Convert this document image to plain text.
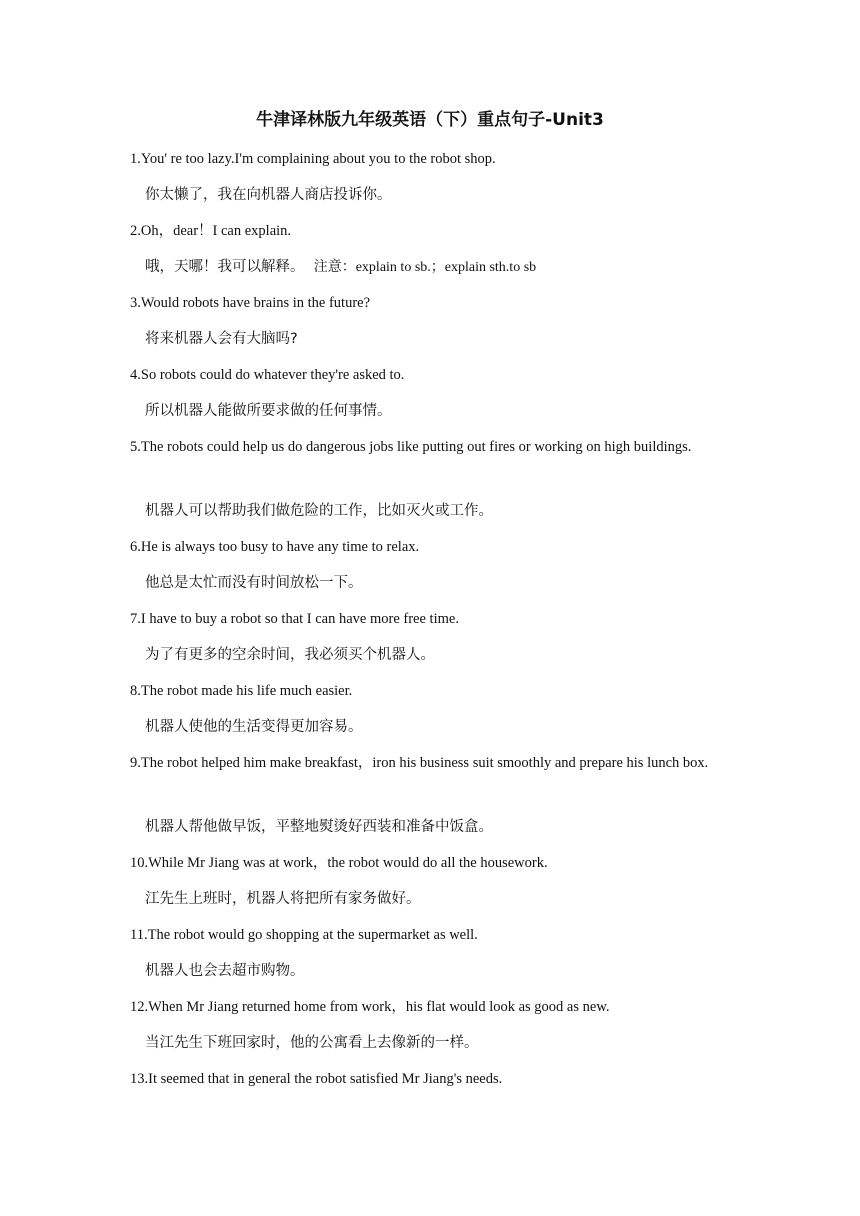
牛津译林版九年级英语（下）重点句子-Unit3
1.You' re too lazy.I'm complaining about you to the robot shop.
你太懒了，我在向机器人商店投诉你。
2.Oh，dear！I can explain.
哦，天哪！我可以解释。 注意：explain to sb.；explain sth.to sb
3.Would robots have brains in the future?
将来机器人会有大脑吗?
4.So robots could do whatever they're asked to.
所以机器人能做所要求做的任何事情。
5.The robots could help us do dangerous jobs like putting out fires or working on high buildings.
机器人可以帮助我们做危险的工作，比如灭火或工作。
6.He is always too busy to have any time to relax.
他总是太忙而没有时间放松一下。
7.I have to buy a robot so that I can have more free time.
为了有更多的空余时间，我必须买个机器人。
8.The robot made his life much easier.
机器人使他的生活变得更加容易。
9.The robot helped him make breakfast，iron his business suit smoothly and prepare his lunch box.
机器人帮他做早饭，平整地熨烫好西装和准备中饭盒。
10.While Mr Jiang was at work，the robot would do all the housework.
江先生上班时，机器人将把所有家务做好。
11.The robot would go shopping at the supermarket as well.
机器人也会去超市购物。
12.When Mr Jiang returned home from work，his flat would look as good as new.
当江先生下班回家时，他的公寓看上去像新的一样。
13.It seemed that in general the robot satisfied Mr Jiang's needs.
